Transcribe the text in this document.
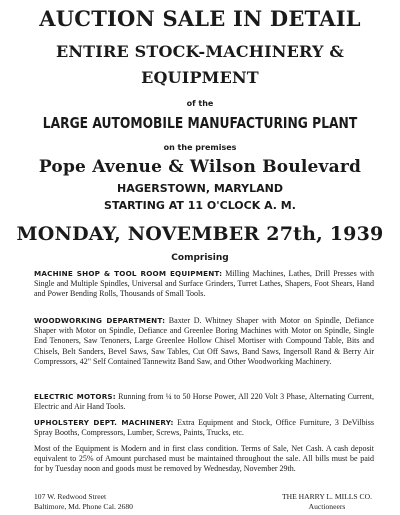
AUCTION SALE IN DETAIL

ENTIRE STOCK-MACHINERY &

EQUIPMENT

of the

LARGE AUTOMOBILE MANUFACTURING PLANT

on the premises

Pope Avenue & Wilson Boulevard

HAGERSTOWN, MARYLAND

STARTING AT 11 O'CLOCK A. M.

MONDAY, NOVEMBER 27th, 1939

Comprising

MACHINE SHOP & TOOL ROOM EQUIPMENT: Milling Machines, Lathes, Drill Presses with Single and Multiple Spindles, Universal and Surface Grinders, Turret Lathes, Shapers, Foot Shears, Hand and Power Bending Rolls, Thousands of Small Tools.

WOODWORKING DEPARTMENT: Baxter D. Whitney Shaper with Motor on Spindle, Defiance Shaper with Motor on Spindle, Defiance and Greenlee Boring Machines with Motor on Spindle, Single End Tenoners, Saw Tenoners, Large Greenlee Hollow Chisel Mortiser with Compound Table, Bits and Chisels, Belt Sanders, Bevel Saws, Saw Tables, Cut Off Saws, Band Saws, Ingersoll Rand & Berry Air Compressors, 42" Self Contained Tannewitz Band Saw, and Other Woodworking Machinery.

ELECTRIC MOTORS: Running from ¼ to 50 Horse Power, All 220 Volt 3 Phase, Alternating Current, Electric and Air Hand Tools.

UPHOLSTERY DEPT. MACHINERY: Extra Equipment and Stock, Office Furniture, 3 DeVilbiss Spray Booths, Compressors, Lumber, Screws, Paints, Trucks, etc.

Most of the Equipment is Modern and in first class condition. Terms of Sale, Net Cash. A cash deposit equivalent to 25% of Amount purchased must be maintained throughout the sale. All bills must be paid for by Tuesday noon and goods must be removed by Wednesday, November 29th.

107 W. Redwood Street
Baltimore, Md. Phone Cal. 2680

THE HARRY L. MILLS CO.
Auctioneers
